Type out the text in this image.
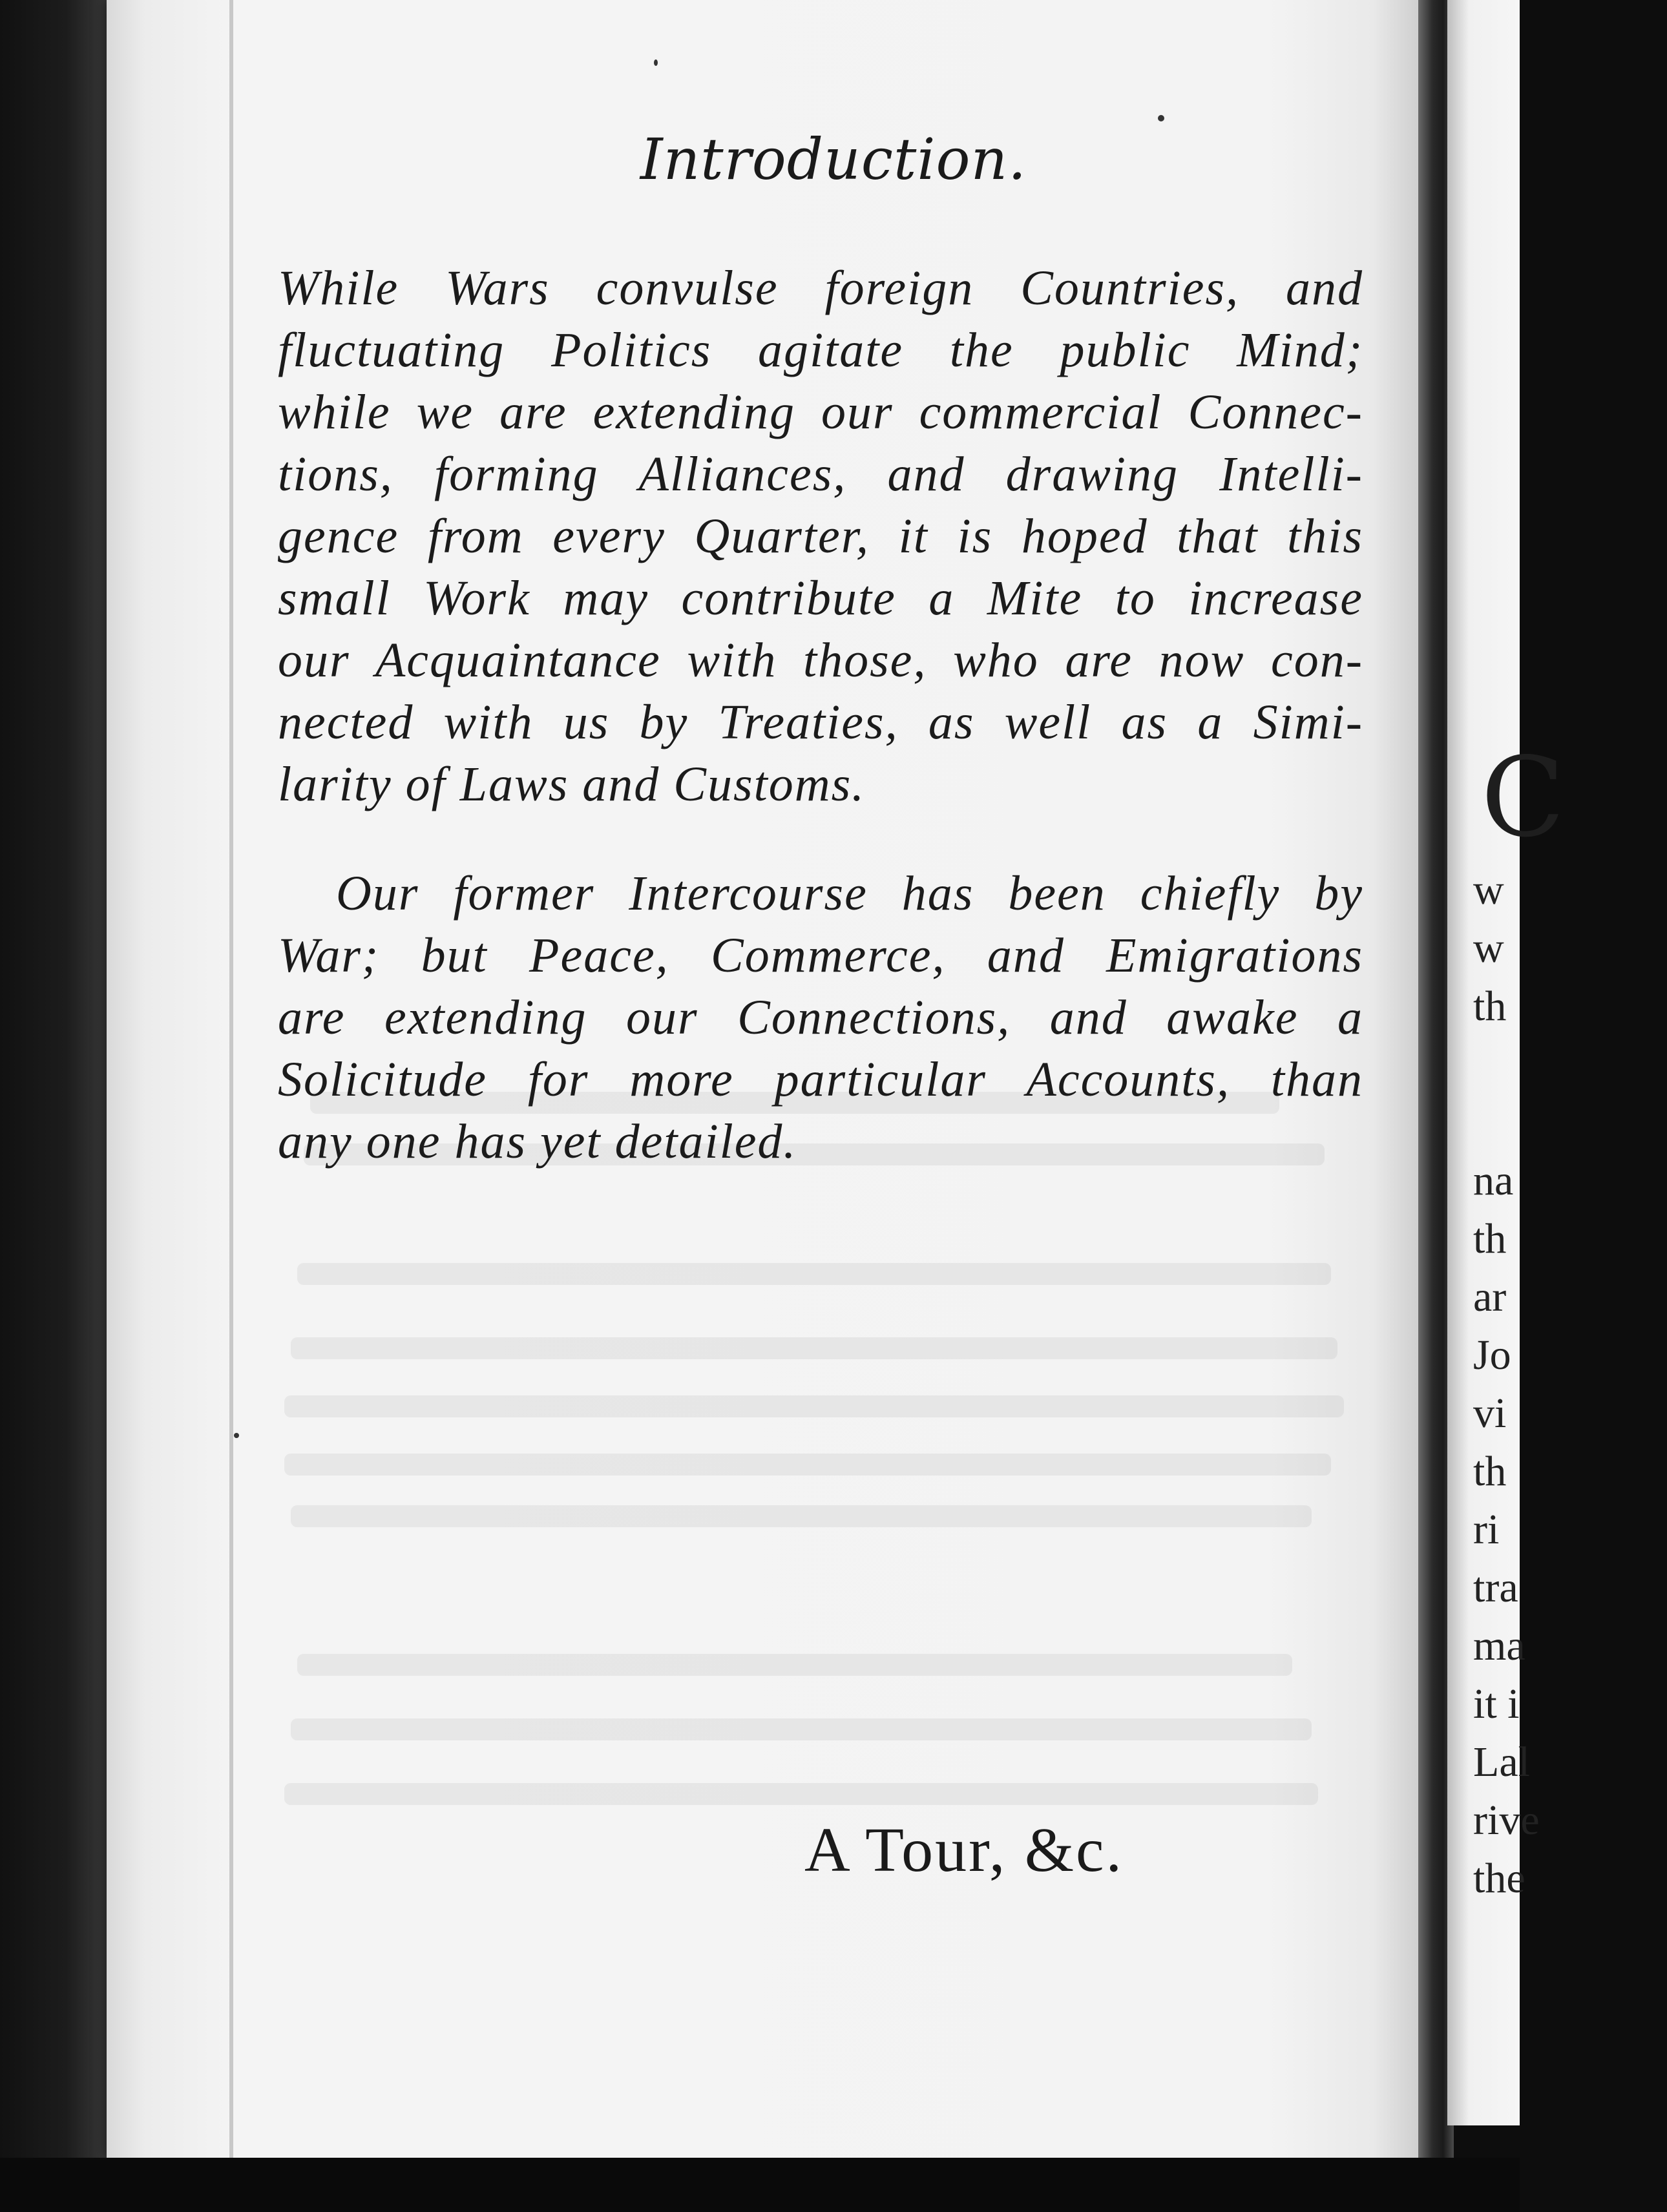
Introduction.
While Wars convulse foreign Countries, and
fluctuating Politics agitate the public Mind;
while we are extending our commercial Connec-
tions, forming Alliances, and drawing Intelli-
gence from every Quarter, it is hoped that this
small Work may contribute a Mite to increase
our Acquaintance with those, who are now con-
nected with us by Treaties, as well as a Simi-
larity of Laws and Customs.
Our former Intercourse has been chiefly by
War; but Peace, Commerce, and Emigrations
are extending our Connections, and awake a
Solicitude for more particular Accounts, than
any one has yet detailed.
A Tour, &c.
C
w
w
th
na
th
ar
Jo
vi
th
ri
tra
ma
it i
Lal
rive
the
